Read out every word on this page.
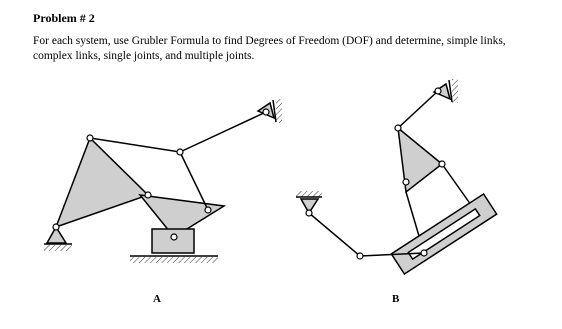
Problem # 2

For each system, use Grubler Formula to find Degrees of Freedom (DOF) and determine, simple links, complex links, single joints, and multiple joints.

A	B
